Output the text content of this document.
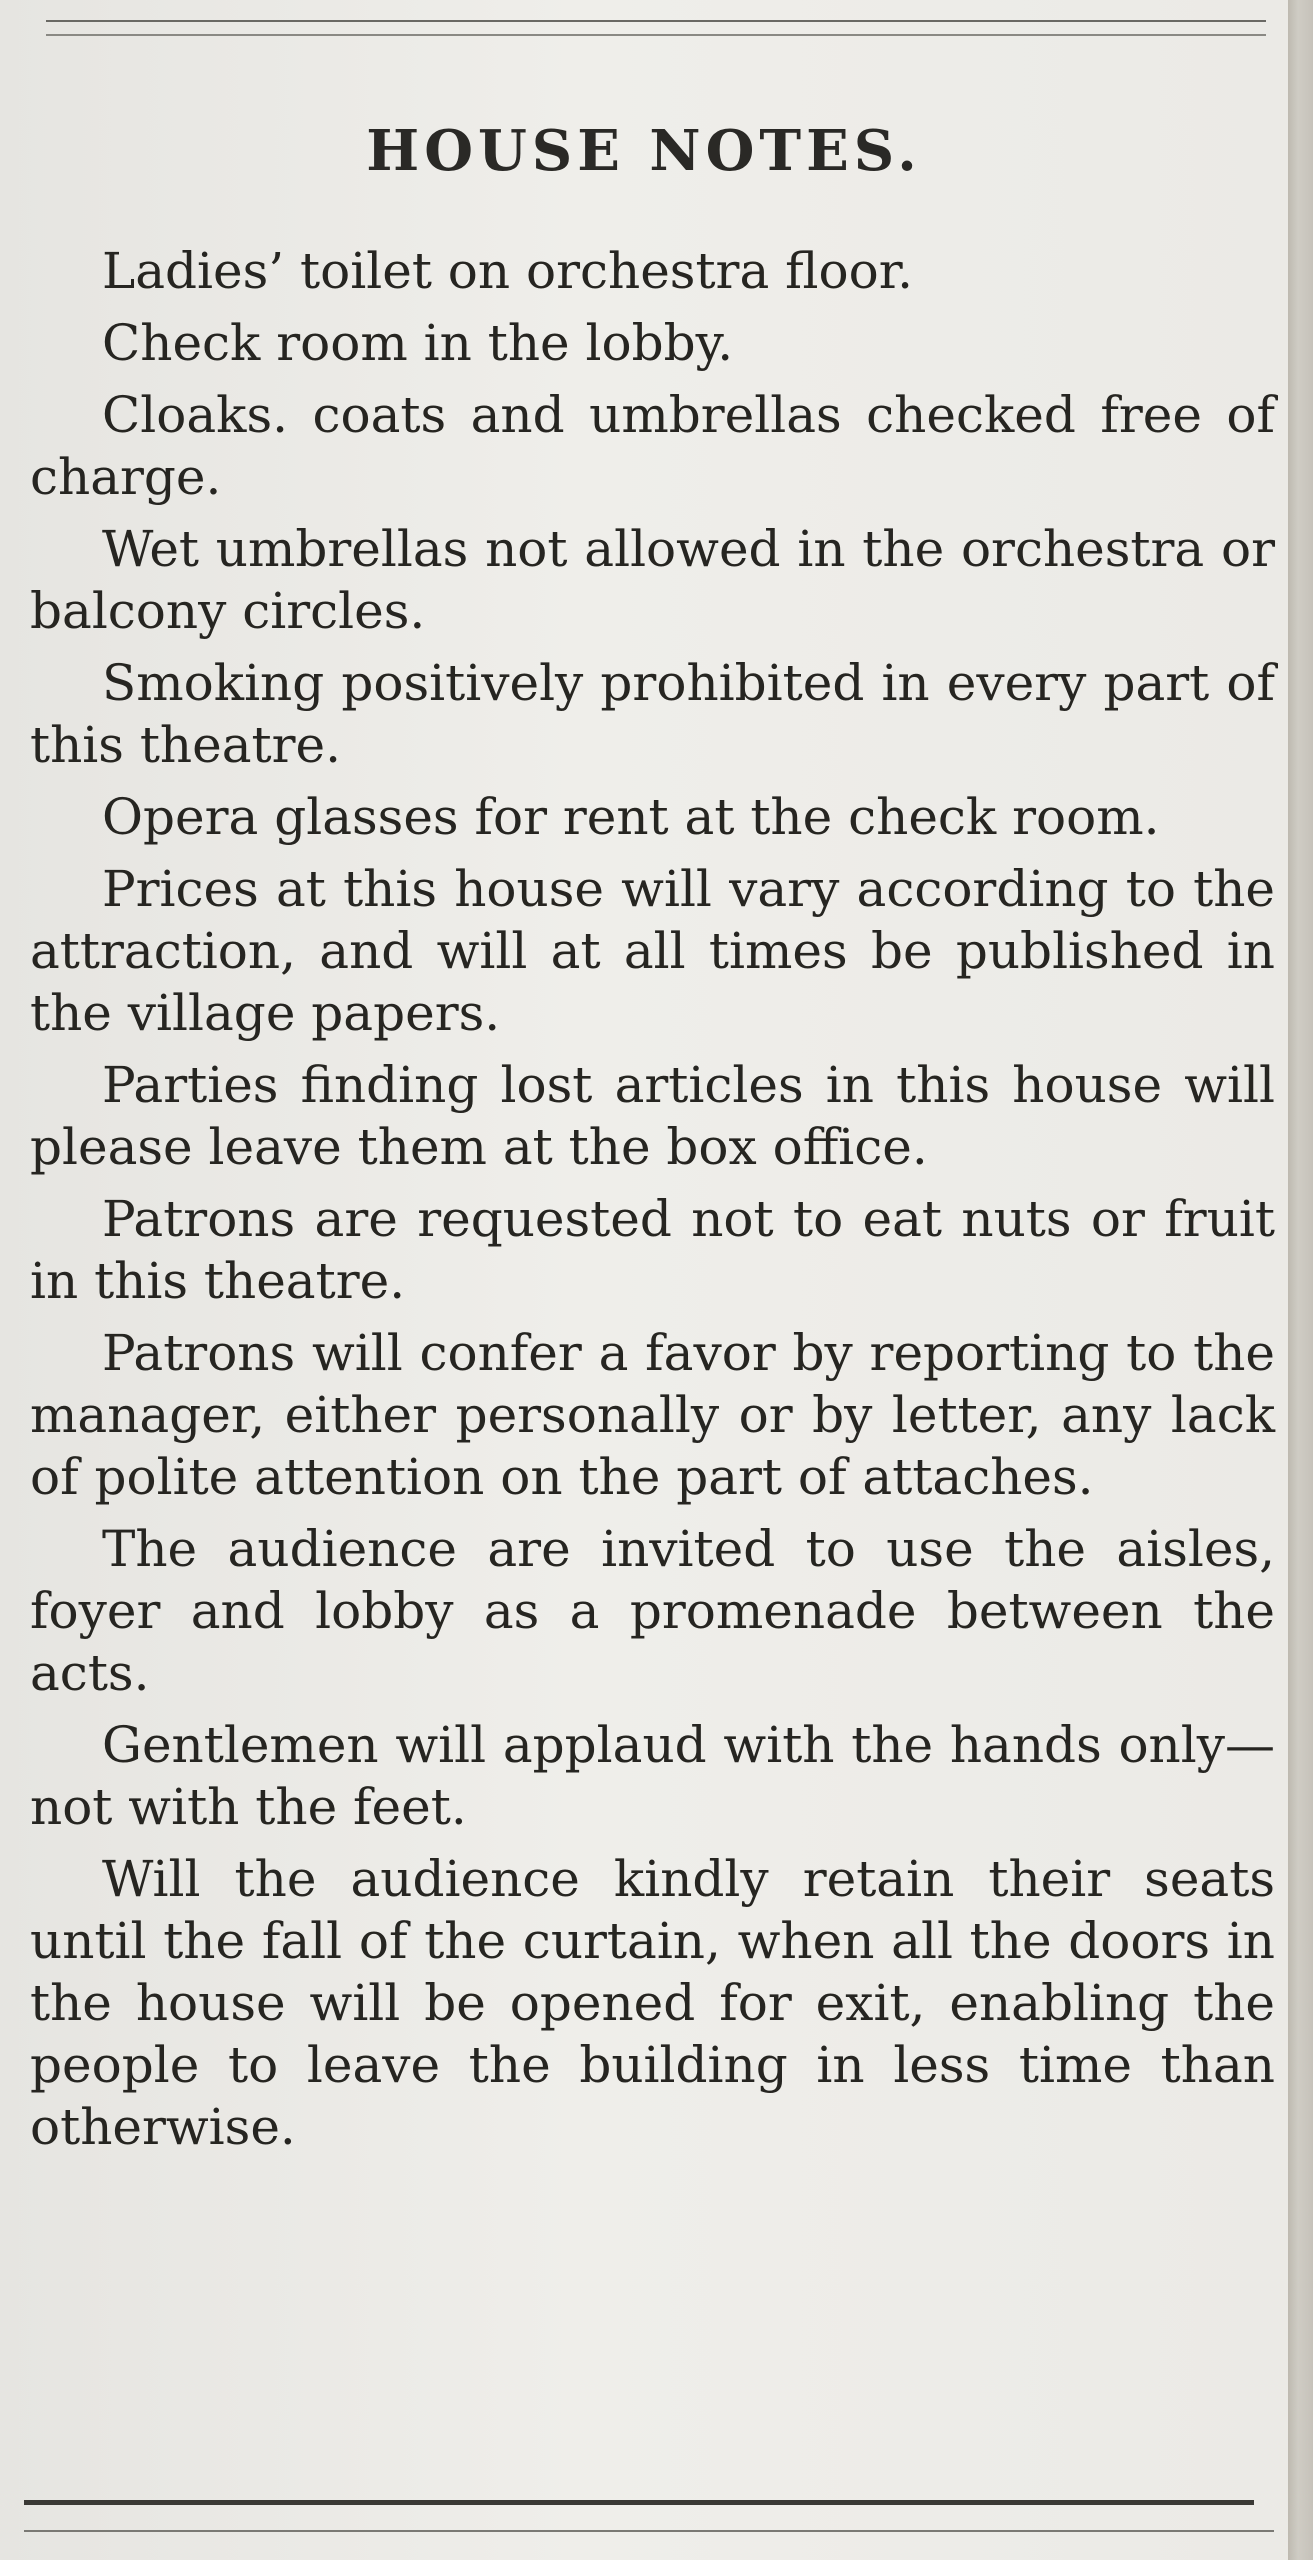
HOUSE NOTES.
Ladies’ toilet on orchestra floor.
Check room in the lobby.
Cloaks. coats and umbrellas checked free of charge.
Wet umbrellas not allowed in the orchestra or balcony circles.
Smoking positively prohibited in every part of this theatre.
Opera glasses for rent at the check room.
Prices at this house will vary according to the attraction, and will at all times be published in the village papers.
Parties finding lost articles in this house will please leave them at the box office.
Patrons are requested not to eat nuts or fruit in this theatre.
Patrons will confer a favor by reporting to the manager, either personally or by letter, any lack of polite attention on the part of attaches.
The audience are invited to use the aisles, foyer and lobby as a promenade between the acts.
Gentlemen will applaud with the hands only—not with the feet.
Will the audience kindly retain their seats until the fall of the curtain, when all the doors in the house will be opened for exit, enabling the people to leave the building in less time than otherwise.
